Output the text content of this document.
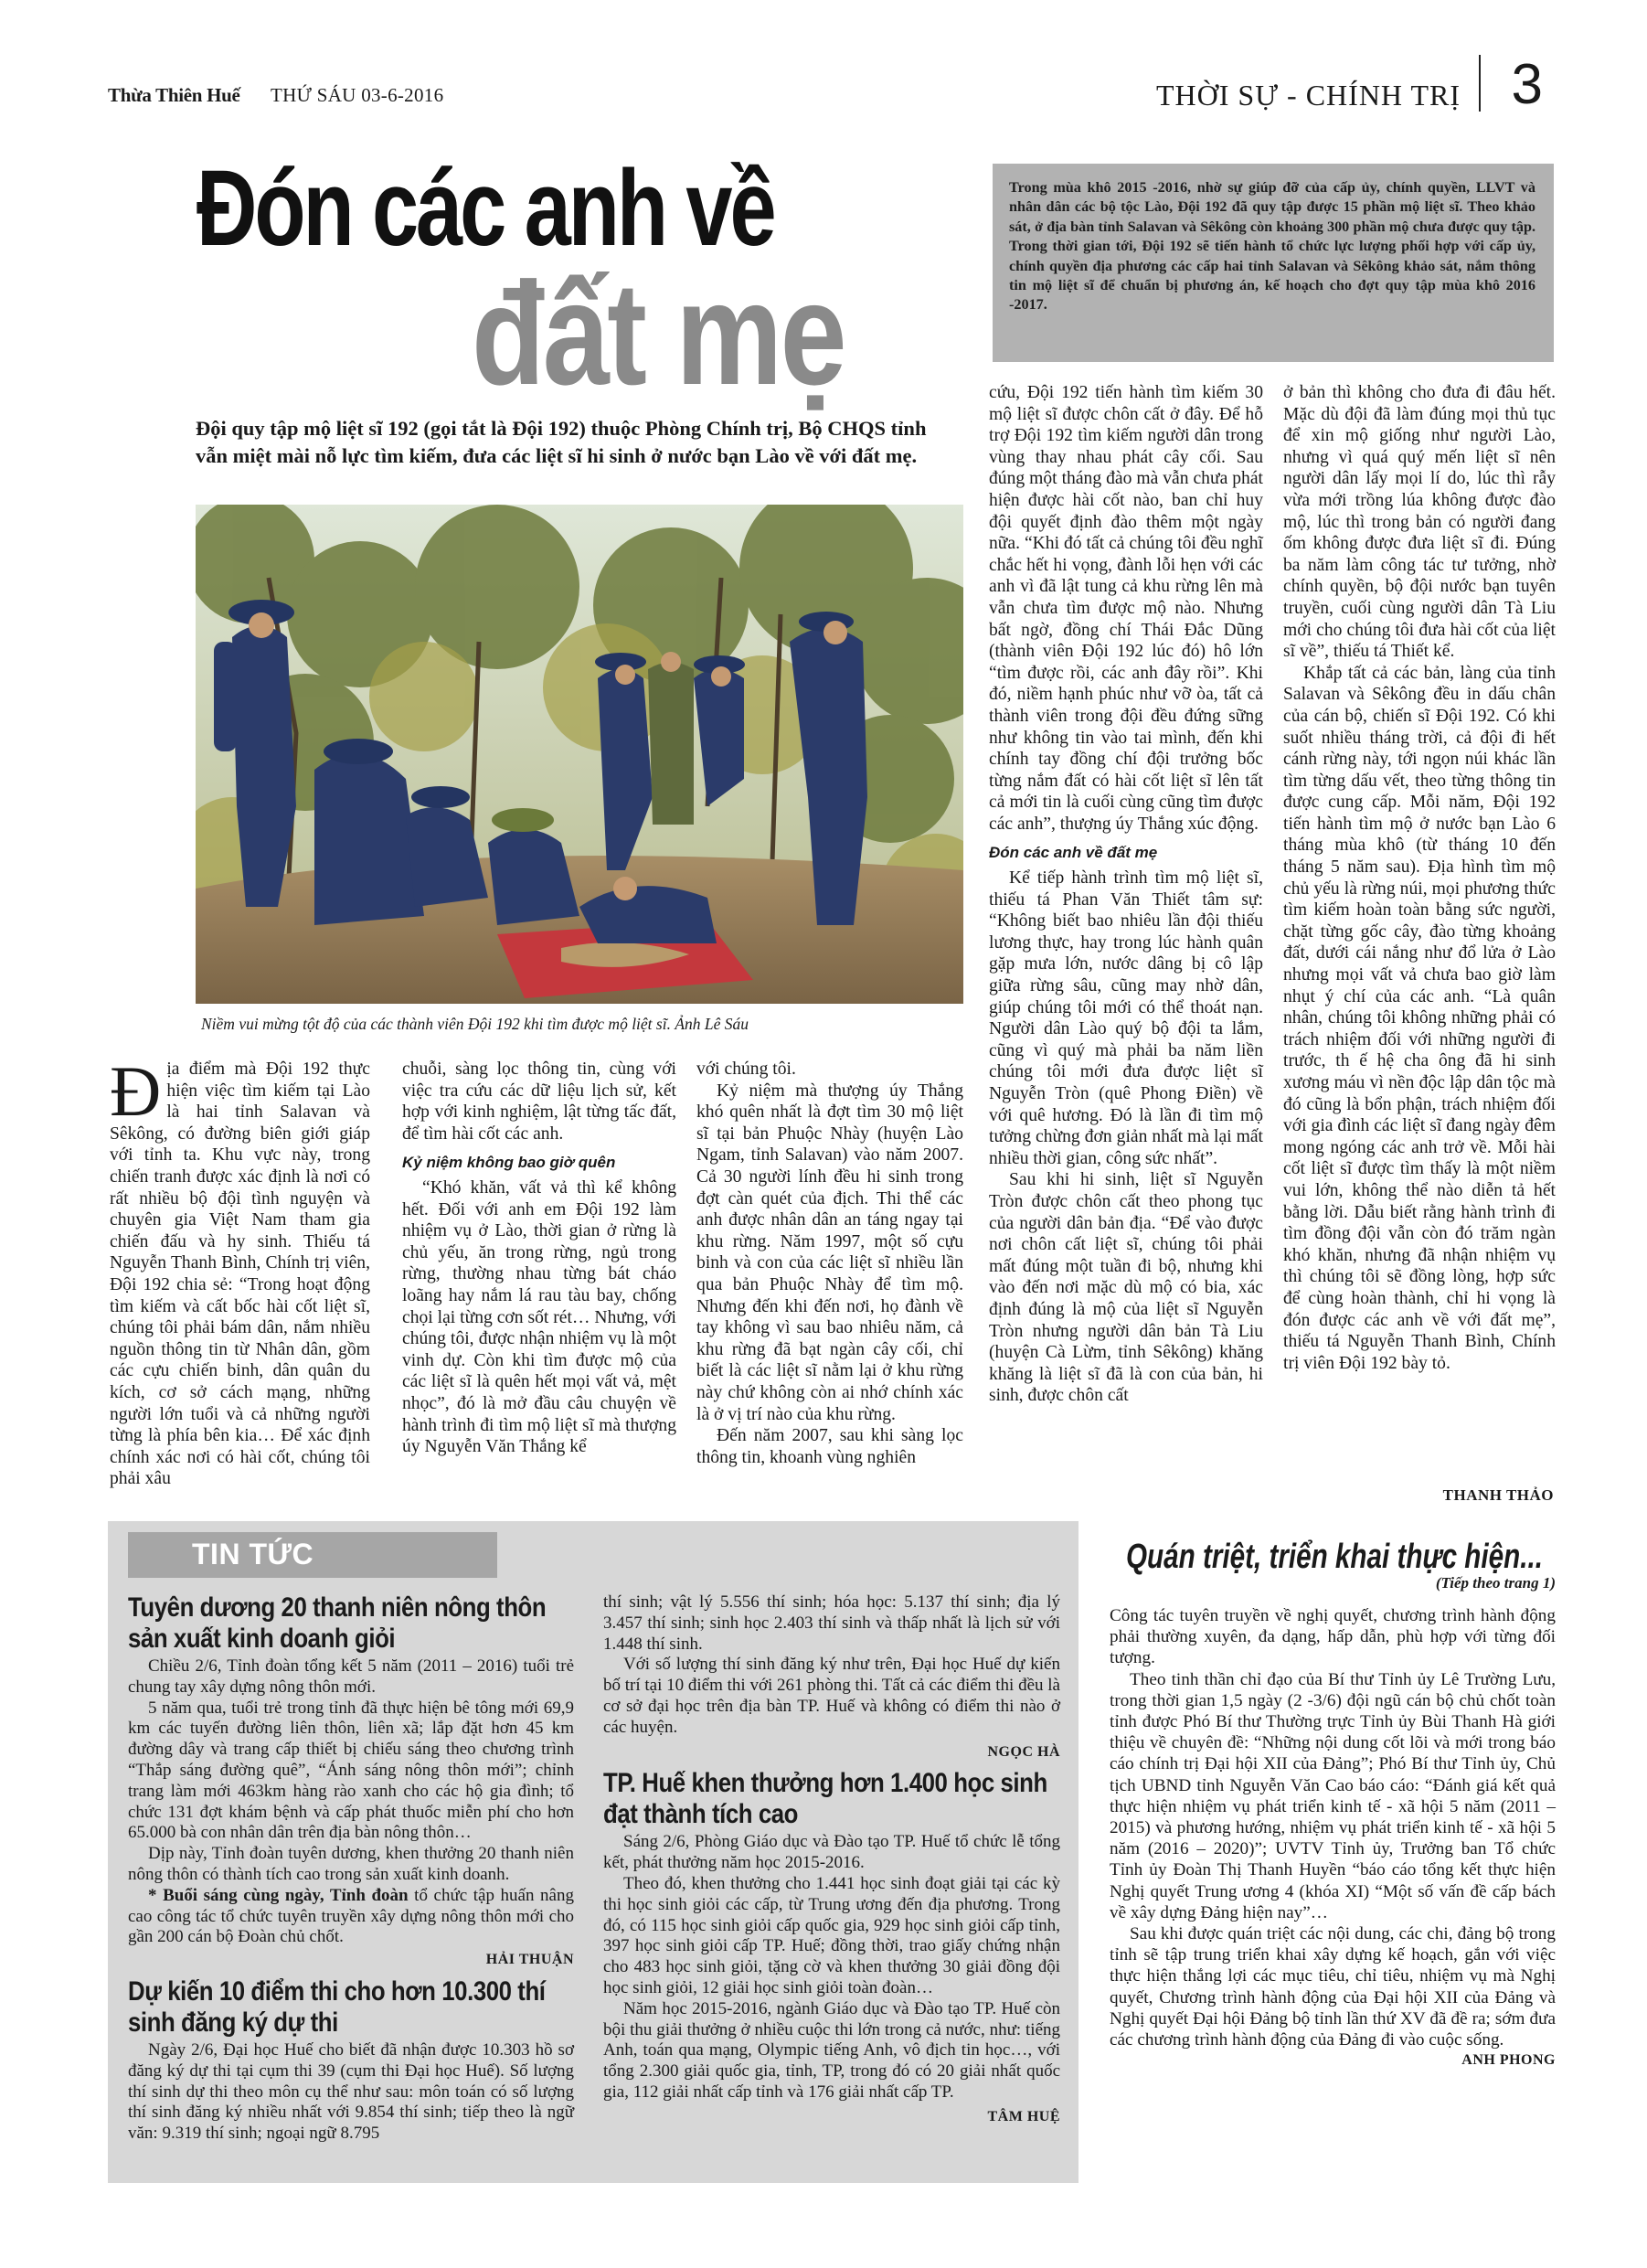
Thừa Thiên Huế THỨ SÁU 03-6-2016	THỜI SỰ - CHÍNH TRỊ 3
Đón các anh về
đất mẹ
Trong mùa khô 2015 -2016, nhờ sự giúp đỡ của cấp ủy, chính quyền, LLVT và nhân dân các bộ tộc Lào, Đội 192 đã quy tập được 15 phần mộ liệt sĩ. Theo khảo sát, ở địa bàn tỉnh Salavan và Sêkông còn khoảng 300 phần mộ chưa được quy tập. Trong thời gian tới, Đội 192 sẽ tiến hành tổ chức lực lượng phối hợp với cấp ủy, chính quyền địa phương các cấp hai tỉnh Salavan và Sêkông khảo sát, nắm thông tin mộ liệt sĩ để chuẩn bị phương án, kế hoạch cho đợt quy tập mùa khô 2016 -2017.
Đội quy tập mộ liệt sĩ 192 (gọi tắt là Đội 192) thuộc Phòng Chính trị, Bộ CHQS tỉnh vẫn miệt mài nỗ lực tìm kiếm, đưa các liệt sĩ hi sinh ở nước bạn Lào về với đất mẹ.
Niềm vui mừng tột độ của các thành viên Đội 192 khi tìm được mộ liệt sĩ. Ảnh Lê Sáu

Địa điểm mà Đội 192 thực hiện việc tìm kiếm tại Lào là hai tỉnh Salavan và Sêkông, có đường biên giới giáp với tỉnh ta. Khu vực này, trong chiến tranh được xác định là nơi có rất nhiều bộ đội tình nguyện và chuyên gia Việt Nam tham gia chiến đấu và hy sinh. Thiếu tá Nguyễn Thanh Bình, Chính trị viên, Đội 192 chia sẻ: “Trong hoạt động tìm kiếm và cất bốc hài cốt liệt sĩ, chúng tôi phải bám dân, nắm nhiều nguồn thông tin từ Nhân dân, gồm các cựu chiến binh, dân quân du kích, cơ sở cách mạng, những người lớn tuổi và cả những người từng là phía bên kia… Để xác định chính xác nơi có hài cốt, chúng tôi phải xâu

chuỗi, sàng lọc thông tin, cùng với việc tra cứu các dữ liệu lịch sử, kết hợp với kinh nghiệm, lật từng tấc đất, để tìm hài cốt các anh.

Kỷ niệm không bao giờ quên

“Khó khăn, vất vả thì kể không hết. Đối với anh em Đội 192 làm nhiệm vụ ở Lào, thời gian ở rừng là chủ yếu, ăn trong rừng, ngủ trong rừng, thường nhau từng bát cháo loãng hay nắm lá rau tàu bay, chống chọi lại từng cơn sốt rét… Nhưng, với chúng tôi, được nhận nhiệm vụ là một vinh dự. Còn khi tìm được mộ của các liệt sĩ là quên hết mọi vất vả, mệt nhọc”, đó là mở đầu câu chuyện về hành trình đi tìm mộ liệt sĩ mà thượng úy Nguyễn Văn Thắng kể

với chúng tôi.

Kỷ niệm mà thượng úy Thắng khó quên nhất là đợt tìm 30 mộ liệt sĩ tại bản Phuộc Nhày (huyện Lào Ngam, tỉnh Salavan) vào năm 2007. Cả 30 người lính đều hi sinh trong đợt càn quét của địch. Thi thể các anh được nhân dân an táng ngay tại khu rừng. Năm 1997, một số cựu binh và con của các liệt sĩ nhiều lần qua bản Phuộc Nhày để tìm mộ. Nhưng đến khi đến nơi, họ đành về tay không vì sau bao nhiêu năm, cả khu rừng đã bạt ngàn cây cối, chỉ biết là các liệt sĩ nằm lại ở khu rừng này chứ không còn ai nhớ chính xác là ở vị trí nào của khu rừng.

Đến năm 2007, sau khi sàng lọc thông tin, khoanh vùng nghiên

cứu, Đội 192 tiến hành tìm kiếm 30 mộ liệt sĩ được chôn cất ở đây. Để hỗ trợ Đội 192 tìm kiếm người dân trong vùng thay nhau phát cây cối. Sau đúng một tháng đào mà vẫn chưa phát hiện được hài cốt nào, ban chỉ huy đội quyết định đào thêm một ngày nữa. “Khi đó tất cả chúng tôi đều nghĩ chắc hết hi vọng, đành lỗi hẹn với các anh vì đã lật tung cả khu rừng lên mà vẫn chưa tìm được mộ nào. Nhưng bất ngờ, đồng chí Thái Đắc Dũng (thành viên Đội 192 lúc đó) hô lớn “tìm được rồi, các anh đây rồi”. Khi đó, niềm hạnh phúc như vỡ òa, tất cả thành viên trong đội đều đứng sững như không tin vào tai mình, đến khi chính tay đồng chí đội trưởng bốc từng nắm đất có hài cốt liệt sĩ lên tất cả mới tin là cuối cùng cũng tìm được các anh”, thượng úy Thắng xúc động.

Đón các anh về đất mẹ

Kể tiếp hành trình tìm mộ liệt sĩ, thiếu tá Phan Văn Thiết tâm sự: “Không biết bao nhiêu lần đội thiếu lương thực, hay trong lúc hành quân gặp mưa lớn, nước dâng bị cô lập giữa rừng sâu, cũng may nhờ dân, giúp chúng tôi mới có thể thoát nạn. Người dân Lào quý bộ đội ta lắm, cũng vì quý mà phải ba năm liền chúng tôi mới đưa được liệt sĩ Nguyễn Tròn (quê Phong Điền) về với quê hương. Đó là lần đi tìm mộ tưởng chừng đơn giản nhất mà lại mất nhiều thời gian, công sức nhất”.

Sau khi hi sinh, liệt sĩ Nguyễn Tròn được chôn cất theo phong tục của người dân bản địa. “Để vào được nơi chôn cất liệt sĩ, chúng tôi phải mất đúng một tuần đi bộ, nhưng khi vào đến nơi mặc dù mộ có bia, xác định đúng là mộ của liệt sĩ Nguyễn Tròn nhưng người dân bản Tà Liu (huyện Cà Lừm, tỉnh Sêkông) khăng khăng là liệt sĩ đã là con của bản, hi sinh, được chôn cất

ở bản thì không cho đưa đi đâu hết. Mặc dù đội đã làm đúng mọi thủ tục để xin mộ giống như người Lào, nhưng vì quá quý mến liệt sĩ nên người dân lấy mọi lí do, lúc thì rẫy vừa mới trồng lúa không được đào mộ, lúc thì trong bản có người đang ốm không được đưa liệt sĩ đi. Đúng ba năm làm công tác tư tưởng, nhờ chính quyền, bộ đội nước bạn tuyên truyền, cuối cùng người dân Tà Liu mới cho chúng tôi đưa hài cốt của liệt sĩ về”, thiếu tá Thiết kể.

Khắp tất cả các bản, làng của tỉnh Salavan và Sêkông đều in dấu chân của cán bộ, chiến sĩ Đội 192. Có khi suốt nhiều tháng trời, cả đội đi hết cánh rừng này, tới ngọn núi khác lần tìm từng dấu vết, theo từng thông tin được cung cấp. Mỗi năm, Đội 192 tiến hành tìm mộ ở nước bạn Lào 6 tháng mùa khô (từ tháng 10 đến tháng 5 năm sau). Địa hình tìm mộ chủ yếu là rừng núi, mọi phương thức tìm kiếm hoàn toàn bằng sức người, chặt từng gốc cây, đào từng khoảng đất, dưới cái nắng như đổ lửa ở Lào nhưng mọi vất vả chưa bao giờ làm nhụt ý chí của các anh. “Là quân nhân, chúng tôi không những phải có trách nhiệm đối với những người đi trước, th ế hệ cha ông đã hi sinh xương máu vì nền độc lập dân tộc mà đó cũng là bổn phận, trách nhiệm đối với gia đình các liệt sĩ đang ngày đêm mong ngóng các anh trở về. Mỗi hài cốt liệt sĩ được tìm thấy là một niềm vui lớn, không thể nào diễn tả hết bằng lời. Dẫu biết rằng hành trình đi tìm đồng đội vẫn còn đó trăm ngàn khó khăn, nhưng đã nhận nhiệm vụ thì chúng tôi sẽ đồng lòng, hợp sức để cùng hoàn thành, chỉ hi vọng là đón được các anh về với đất mẹ”, thiếu tá Nguyễn Thanh Bình, Chính trị viên Đội 192 bày tỏ.

THANH THẢO
TIN TỨC
Tuyên dương 20 thanh niên nông thôn sản xuất kinh doanh giỏi

Chiều 2/6, Tỉnh đoàn tổng kết 5 năm (2011 – 2016) tuổi trẻ chung tay xây dựng nông thôn mới.

5 năm qua, tuổi trẻ trong tỉnh đã thực hiện bê tông mới 69,9 km các tuyến đường liên thôn, liên xã; lắp đặt hơn 45 km đường dây và trang cấp thiết bị chiếu sáng theo chương trình “Thắp sáng đường quê”, “Ánh sáng nông thôn mới”; chỉnh trang làm mới 463km hàng rào xanh cho các hộ gia đình; tổ chức 131 đợt khám bệnh và cấp phát thuốc miễn phí cho hơn 65.000 bà con nhân dân trên địa bàn nông thôn…

Dịp này, Tỉnh đoàn tuyên dương, khen thưởng 20 thanh niên nông thôn có thành tích cao trong sản xuất kinh doanh.

* Buổi sáng cùng ngày, Tỉnh đoàn tổ chức tập huấn nâng cao công tác tổ chức tuyên truyền xây dựng nông thôn mới cho gần 200 cán bộ Đoàn chủ chốt.

HẢI THUẬN
Dự kiến 10 điểm thi cho hơn 10.300 thí sinh đăng ký dự thi

Ngày 2/6, Đại học Huế cho biết đã nhận được 10.303 hồ sơ đăng ký dự thi tại cụm thi 39 (cụm thi Đại học Huế). Số lượng thí sinh dự thi theo môn cụ thể như sau: môn toán có số lượng thí sinh đăng ký nhiều nhất với 9.854 thí sinh; tiếp theo là ngữ văn: 9.319 thí sinh; ngoại ngữ 8.795

thí sinh; vật lý 5.556 thí sinh; hóa học: 5.137 thí sinh; địa lý 3.457 thí sinh; sinh học 2.403 thí sinh và thấp nhất là lịch sử với 1.448 thí sinh.

Với số lượng thí sinh đăng ký như trên, Đại học Huế dự kiến bố trí tại 10 điểm thi với 261 phòng thi. Tất cả các điểm thi đều là cơ sở đại học trên địa bàn TP. Huế và không có điểm thi nào ở các huyện.

NGỌC HÀ
TP. Huế khen thưởng hơn 1.400 học sinh đạt thành tích cao

Sáng 2/6, Phòng Giáo dục và Đào tạo TP. Huế tổ chức lễ tổng kết, phát thưởng năm học 2015-2016.

Theo đó, khen thưởng cho 1.441 học sinh đoạt giải tại các kỳ thi học sinh giỏi các cấp, từ Trung ương đến địa phương. Trong đó, có 115 học sinh giỏi cấp quốc gia, 929 học sinh giỏi cấp tỉnh, 397 học sinh giỏi cấp TP. Huế; đồng thời, trao giấy chứng nhận cho 483 học sinh giỏi, tặng cờ và khen thưởng 30 giải đồng đội học sinh giỏi, 12 giải học sinh giỏi toàn đoàn…

Năm học 2015-2016, ngành Giáo dục và Đào tạo TP. Huế còn bội thu giải thưởng ở nhiều cuộc thi lớn trong cả nước, như: tiếng Anh, toán qua mạng, Olympic tiếng Anh, vô địch tin học…, với tổng 2.300 giải quốc gia, tỉnh, TP, trong đó có 20 giải nhất quốc gia, 112 giải nhất cấp tỉnh và 176 giải nhất cấp TP.

TÂM HUỆ
Quán triệt, triển khai thực hiện...
(Tiếp theo trang 1)

Công tác tuyên truyền về nghị quyết, chương trình hành động phải thường xuyên, đa dạng, hấp dẫn, phù hợp với từng đối tượng.

Theo tinh thần chỉ đạo của Bí thư Tỉnh ủy Lê Trường Lưu, trong thời gian 1,5 ngày (2 -3/6) đội ngũ cán bộ chủ chốt toàn tỉnh được Phó Bí thư Thường trực Tỉnh ủy Bùi Thanh Hà giới thiệu về chuyên đề: “Những nội dung cốt lõi và mới trong báo cáo chính trị Đại hội XII của Đảng”; Phó Bí thư Tỉnh ủy, Chủ tịch UBND tỉnh Nguyễn Văn Cao báo cáo: “Đánh giá kết quả thực hiện nhiệm vụ phát triển kinh tế - xã hội 5 năm (2011 – 2015) và phương hướng, nhiệm vụ phát triển kinh tế - xã hội 5 năm (2016 – 2020)”; UVTV Tỉnh ủy, Trưởng ban Tổ chức Tỉnh ủy Đoàn Thị Thanh Huyền “báo cáo tổng kết thực hiện Nghị quyết Trung ương 4 (khóa XI) “Một số vấn đề cấp bách về xây dựng Đảng hiện nay”…

Sau khi được quán triệt các nội dung, các chi, đảng bộ trong tỉnh sẽ tập trung triển khai xây dựng kế hoạch, gắn với việc thực hiện thắng lợi các mục tiêu, chỉ tiêu, nhiệm vụ mà Nghị quyết, Chương trình hành động của Đại hội XII của Đảng và Nghị quyết Đại hội Đảng bộ tỉnh lần thứ XV đã đề ra; sớm đưa các chương trình hành động của Đảng đi vào cuộc sống.

ANH PHONG
